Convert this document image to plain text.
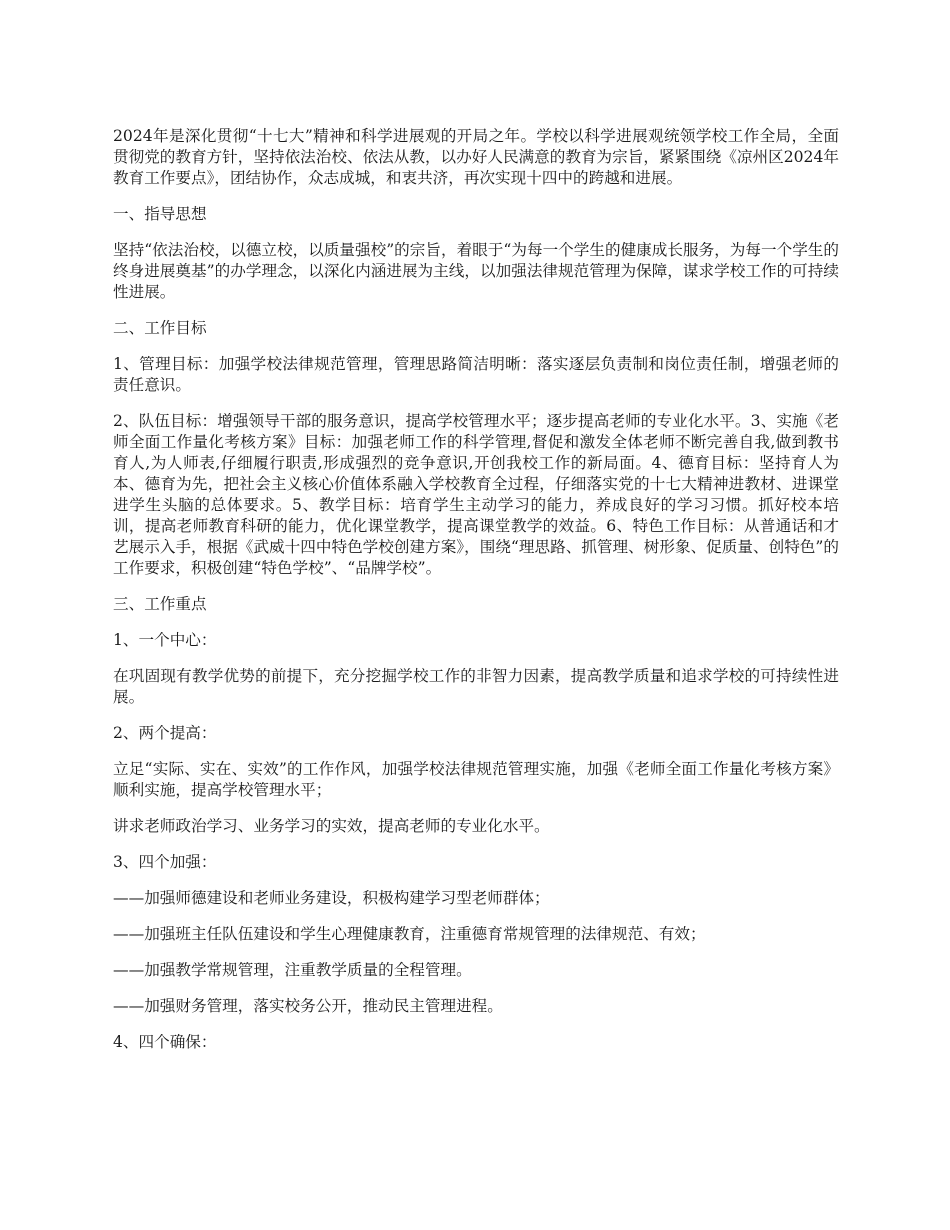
2024年是深化贯彻“十七大”精神和科学进展观的开局之年。学校以科学进展观统领学校工作全局，全面贯彻党的教育方针，坚持依法治校、依法从教，以办好人民满意的教育为宗旨，紧紧围绕《凉州区2024年教育工作要点》，团结协作，众志成城，和衷共济，再次实现十四中的跨越和进展。

一、指导思想

坚持“依法治校，以德立校，以质量强校”的宗旨，着眼于“为每一个学生的健康成长服务，为每一个学生的终身进展奠基”的办学理念，以深化内涵进展为主线，以加强法律规范管理为保障，谋求学校工作的可持续性进展。

二、工作目标

1、管理目标：加强学校法律规范管理，管理思路简洁明晰：落实逐层负责制和岗位责任制，增强老师的责任意识。

2、队伍目标：增强领导干部的服务意识，提高学校管理水平；逐步提高老师的专业化水平。3、实施《老师全面工作量化考核方案》目标：加强老师工作的科学管理,督促和激发全体老师不断完善自我,做到教书育人,为人师表,仔细履行职责,形成强烈的竞争意识,开创我校工作的新局面。4、德育目标：坚持育人为本、德育为先，把社会主义核心价值体系融入学校教育全过程，仔细落实党的十七大精神进教材、进课堂进学生头脑的总体要求。5、教学目标：培育学生主动学习的能力，养成良好的学习习惯。抓好校本培训，提高老师教育科研的能力，优化课堂教学，提高课堂教学的效益。6、特色工作目标：从普通话和才艺展示入手，根据《武威十四中特色学校创建方案》，围绕“理思路、抓管理、树形象、促质量、创特色”的工作要求，积极创建“特色学校”、“品牌学校”。

三、工作重点

1、一个中心：

在巩固现有教学优势的前提下，充分挖掘学校工作的非智力因素，提高教学质量和追求学校的可持续性进展。

2、两个提高：

立足“实际、实在、实效”的工作作风，加强学校法律规范管理实施，加强《老师全面工作量化考核方案》顺利实施，提高学校管理水平；

讲求老师政治学习、业务学习的实效，提高老师的专业化水平。

3、四个加强：

——加强师德建设和老师业务建设，积极构建学习型老师群体；

——加强班主任队伍建设和学生心理健康教育，注重德育常规管理的法律规范、有效；

——加强教学常规管理，注重教学质量的全程管理。

——加强财务管理，落实校务公开，推动民主管理进程。

4、四个确保：
